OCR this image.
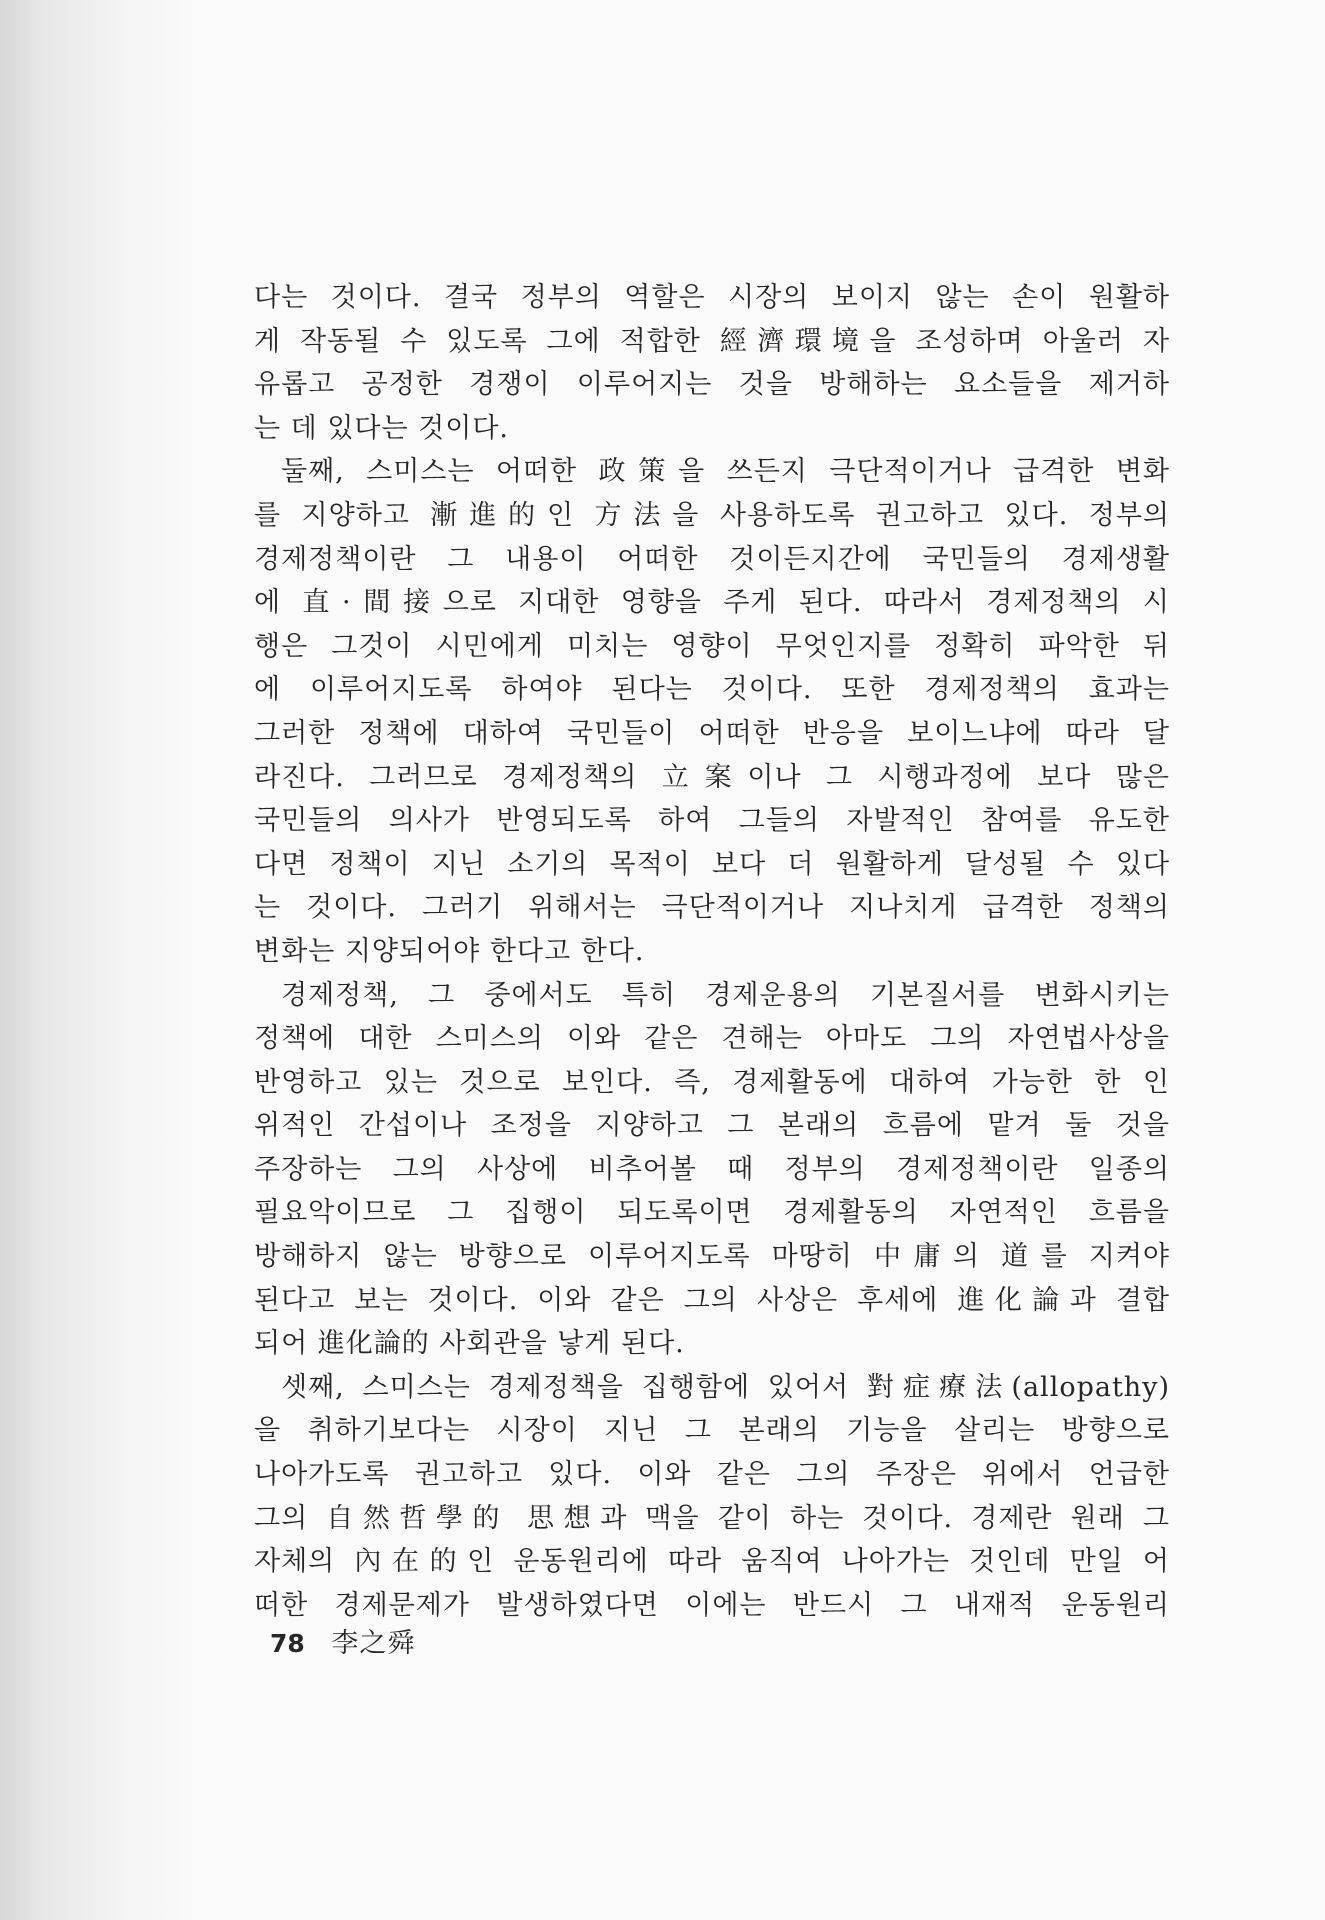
다는 것이다. 결국 정부의 역할은 시장의 보이지 않는 손이 원활하
게 작동될 수 있도록 그에 적합한 經濟環境을 조성하며 아울러 자
유롭고 공정한 경쟁이 이루어지는 것을 방해하는 요소들을 제거하
는 데 있다는 것이다.
둘째, 스미스는 어떠한 政策을 쓰든지 극단적이거나 급격한 변화
를 지양하고 漸進的인 方法을 사용하도록 권고하고 있다. 정부의
경제정책이란 그 내용이 어떠한 것이든지간에 국민들의 경제생활
에 直·間接으로 지대한 영향을 주게 된다. 따라서 경제정책의 시
행은 그것이 시민에게 미치는 영향이 무엇인지를 정확히 파악한 뒤
에 이루어지도록 하여야 된다는 것이다. 또한 경제정책의 효과는
그러한 정책에 대하여 국민들이 어떠한 반응을 보이느냐에 따라 달
라진다. 그러므로 경제정책의 立案이나 그 시행과정에 보다 많은
국민들의 의사가 반영되도록 하여 그들의 자발적인 참여를 유도한
다면 정책이 지닌 소기의 목적이 보다 더 원활하게 달성될 수 있다
는 것이다. 그러기 위해서는 극단적이거나 지나치게 급격한 정책의
변화는 지양되어야 한다고 한다.
경제정책, 그 중에서도 특히 경제운용의 기본질서를 변화시키는
정책에 대한 스미스의 이와 같은 견해는 아마도 그의 자연법사상을
반영하고 있는 것으로 보인다. 즉, 경제활동에 대하여 가능한 한 인
위적인 간섭이나 조정을 지양하고 그 본래의 흐름에 맡겨 둘 것을
주장하는 그의 사상에 비추어볼 때 정부의 경제정책이란 일종의
필요악이므로 그 집행이 되도록이면 경제활동의 자연적인 흐름을
방해하지 않는 방향으로 이루어지도록 마땅히 中庸의 道를 지켜야
된다고 보는 것이다. 이와 같은 그의 사상은 후세에 進化論과 결합
되어 進化論的 사회관을 낳게 된다.
셋째, 스미스는 경제정책을 집행함에 있어서 對症療法(allopathy)
을 취하기보다는 시장이 지닌 그 본래의 기능을 살리는 방향으로
나아가도록 권고하고 있다. 이와 같은 그의 주장은 위에서 언급한
그의 自然哲學的 思想과 맥을 같이 하는 것이다. 경제란 원래 그
자체의 內在的인 운동원리에 따라 움직여 나아가는 것인데 만일 어
떠한 경제문제가 발생하였다면 이에는 반드시 그 내재적 운동원리
78 李之舜
